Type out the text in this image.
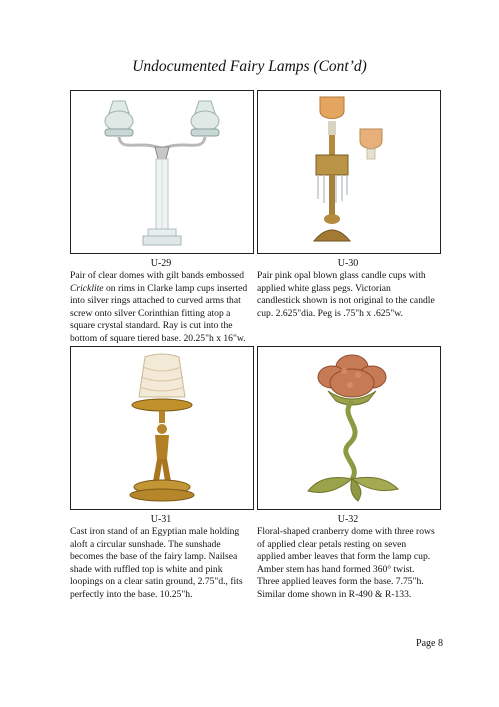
Undocumented Fairy Lamps (Cont’d)
U-29
Pair of clear domes with gilt bands embossed Cricklite on rims in Clarke lamp cups inserted into silver rings attached to curved arms that screw onto silver Corinthian fitting atop a square crystal standard. Ray is cut into the bottom of square tiered base. 20.25"h x 16"w.
U-30
Pair pink opal blown glass candle cups with applied white glass pegs. Victorian candlestick shown is not original to the candle cup. 2.625"dia. Peg is .75"h x .625"w.
U-31
Cast iron stand of an Egyptian male holding aloft a circular sunshade. The sunshade becomes the base of the fairy lamp. Nailsea shade with ruffled top is white and pink loopings on a clear satin ground, 2.75"d., fits perfectly into the base. 10.25"h.
U-32
Floral-shaped cranberry dome with three rows of applied clear petals resting on seven applied amber leaves that form the lamp cup. Amber stem has hand formed 360° twist. Three applied leaves form the base. 7.75"h. Similar dome shown in R-490 & R-133.
Page 8
